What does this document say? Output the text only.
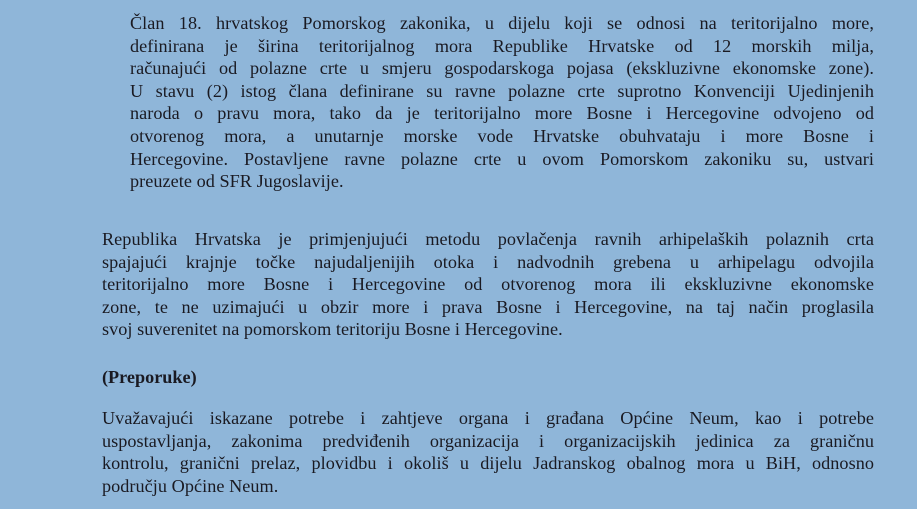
Član 18. hrvatskog Pomorskog zakonika, u dijelu koji se odnosi na teritorijalno more,
definirana je širina teritorijalnog mora Republike Hrvatske od 12 morskih milja,
računajući od polazne crte u smjeru gospodarskoga pojasa (ekskluzivne ekonomske zone).
U stavu (2) istog člana definirane su ravne polazne crte suprotno Konvenciji Ujedinjenih
naroda o pravu mora, tako da je teritorijalno more Bosne i Hercegovine odvojeno od
otvorenog mora, a unutarnje morske vode Hrvatske obuhvataju i more Bosne i
Hercegovine. Postavljene ravne polazne crte u ovom Pomorskom zakoniku su, ustvari
preuzete od SFR Jugoslavije.
Republika Hrvatska je primjenjujući metodu povlačenja ravnih arhipelaških polaznih crta
spajajući krajnje točke najudaljenijih otoka i nadvodnih grebena u arhipelagu odvojila
teritorijalno more Bosne i Hercegovine od otvorenog mora ili ekskluzivne ekonomske
zone, te ne uzimajući u obzir more i prava Bosne i Hercegovine, na taj način proglasila
svoj suverenitet na pomorskom teritoriju Bosne i Hercegovine.
(Preporuke)
Uvažavajući iskazane potrebe i zahtjeve organa i građana Općine Neum, kao i potrebe
uspostavljanja, zakonima predviđenih organizacija i organizacijskih jedinica za graničnu
kontrolu, granični prelaz, plovidbu i okoliš u dijelu Jadranskog obalnog mora u BiH, odnosno
području Općine Neum.
